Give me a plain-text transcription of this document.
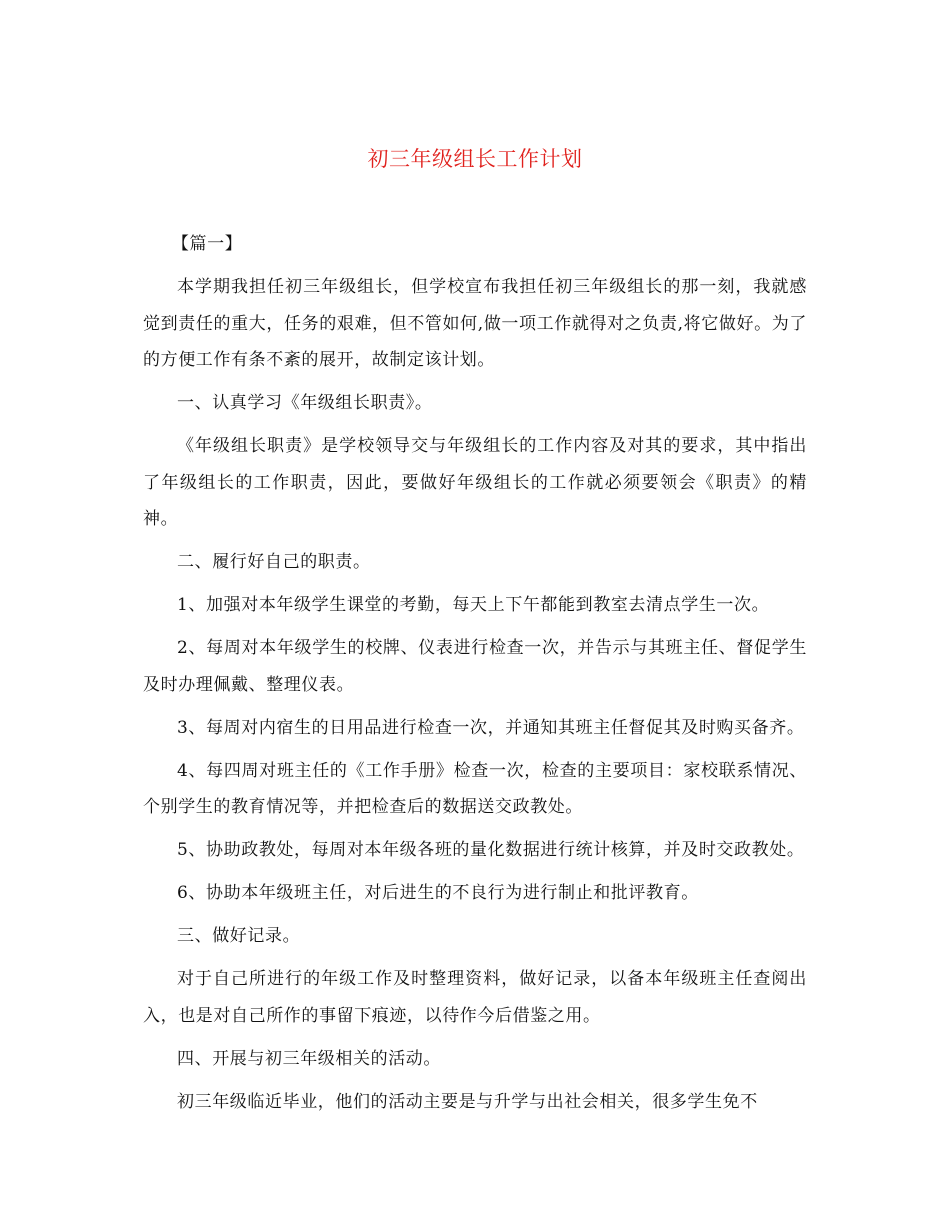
初三年级组长工作计划

【篇一】

本学期我担任初三年级组长，但学校宣布我担任初三年级组长的那一刻，我就感觉到责任的重大，任务的艰难，但不管如何,做一项工作就得对之负责,将它做好。为了的方便工作有条不紊的展开，故制定该计划。

一、认真学习《年级组长职责》。

《年级组长职责》是学校领导交与年级组长的工作内容及对其的要求，其中指出了年级组长的工作职责，因此，要做好年级组长的工作就必须要领会《职责》的精神。

二、履行好自己的职责。

1、加强对本年级学生课堂的考勤，每天上下午都能到教室去清点学生一次。

2、每周对本年级学生的校牌、仪表进行检查一次，并告示与其班主任、督促学生及时办理佩戴、整理仪表。

3、每周对内宿生的日用品进行检查一次，并通知其班主任督促其及时购买备齐。

4、每四周对班主任的《工作手册》检查一次，检查的主要项目：家校联系情况、个别学生的教育情况等，并把检查后的数据送交政教处。

5、协助政教处，每周对本年级各班的量化数据进行统计核算，并及时交政教处。

6、协助本年级班主任，对后进生的不良行为进行制止和批评教育。

三、做好记录。

对于自己所进行的年级工作及时整理资料，做好记录，以备本年级班主任查阅出入，也是对自己所作的事留下痕迹，以待作今后借鉴之用。

四、开展与初三年级相关的活动。

初三年级临近毕业，他们的活动主要是与升学与出社会相关，很多学生免不
